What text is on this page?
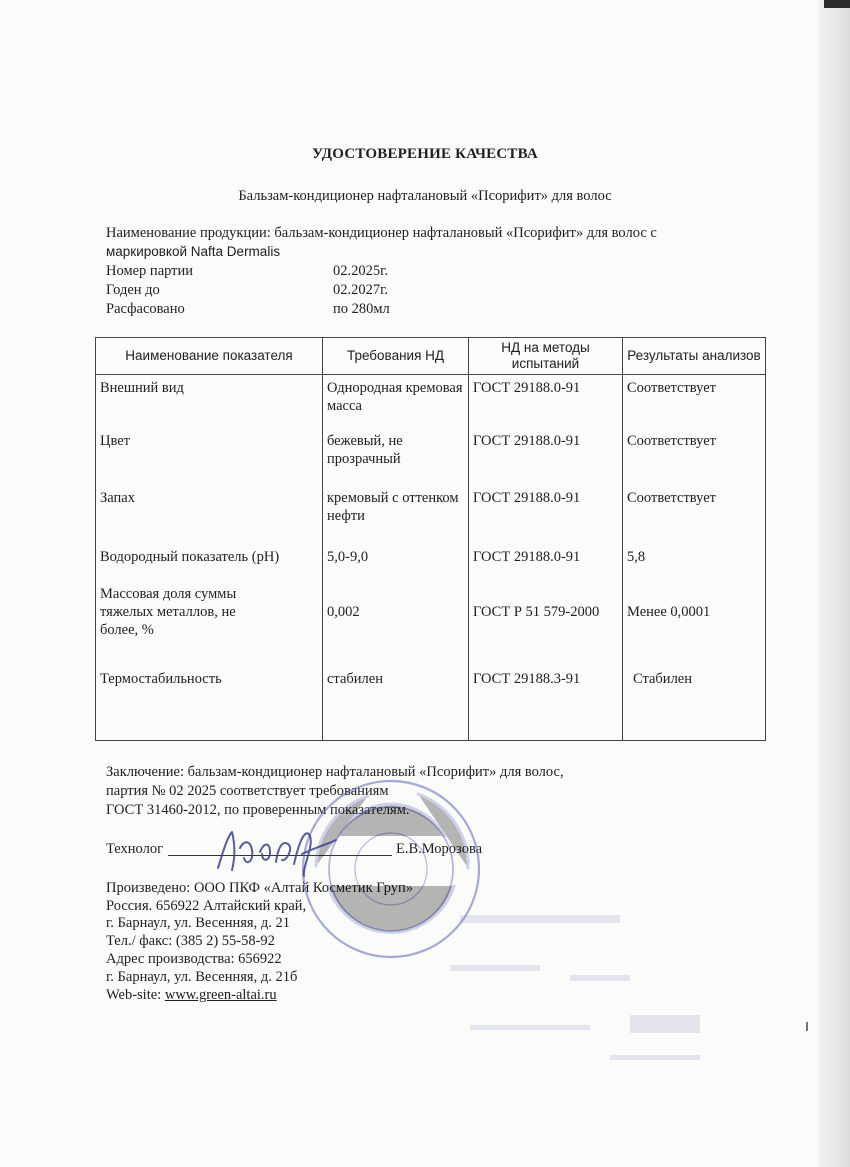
УДОСТОВЕРЕНИЕ КАЧЕСТВА
Бальзам-кондиционер нафталановый «Псорифит» для волос
Наименование продукции: бальзам-кондиционер нафталановый «Псорифит» для волос с
маркировкой Nafta Dermalis
Номер партии	02.2025г.
Годен до	02.2027г.
Расфасовано	по 280мл
Наименование показателя	Требования НД	НД на методы испытаний	Результаты анализов

Внешний вид	Однородная кремовая масса	ГОСТ 29188.0-91	Соответствует

Цвет	бежевый, не прозрачный	ГОСТ 29188.0-91	Соответствует

Запах	кремовый с оттенком нефти	ГОСТ 29188.0-91	Соответствует

Водородный показатель (рН)	5,0-9,0	ГОСТ 29188.0-91	5,8

Массовая доля суммы тяжелых металлов, не более, %	0,002	ГОСТ Р 51 579-2000	Менее 0,0001

Термостабильность	стабилен	ГОСТ 29188.3-91	Стабилен
Заключение: бальзам-кондиционер нафталановый «Псорифит» для волос,
партия № 02 2025 соответствует требованиям
ГОСТ 31460-2012, по проверенным показателям.
Технолог	Е.В.Морозова
Произведено: ООО ПКФ «Алтай Косметик Груп»
Россия. 656922 Алтайский край,
г. Барнаул, ул. Весенняя, д. 21
Тел./ факс: (385 2) 55-58-92
Адрес производства: 656922
г. Барнаул, ул. Весенняя, д. 21б
Web-site: www.green-altai.ru
